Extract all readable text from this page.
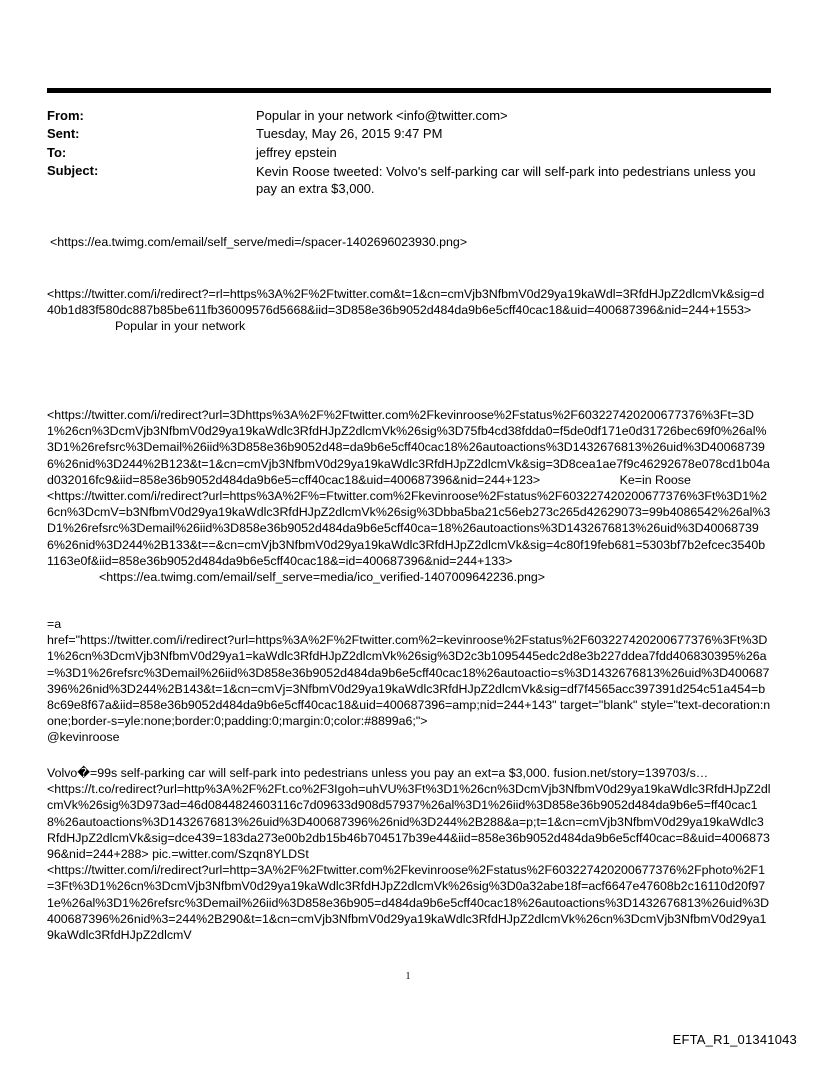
From:	Popular in your network <info@twitter.com>
Sent:	Tuesday, May 26, 2015 9:47 PM
To:	jeffrey epstein
Subject:	Kevin Roose tweeted: Volvo's self-parking car will self-park into pedestrians unless you pay an extra $3,000.
<https://ea.twimg.com/email/self_serve/medi=/spacer-1402696023930.png>
<https://twitter.com/i/redirect?=rl=https%3A%2F%2Ftwitter.com&t=1&cn=cmVjb3NfbmV0d29ya19kaWdl=3RfdHJpZ2dlcmVk&sig=d40b1d83f580dc887b85be611fb36009576d5668&iid=3D858e36b9052d484da9b6e5cff40cac18&uid=400687396&nid=244+1553> Popular in your network
<https://twitter.com/i/redirect?url=3Dhttps%3A%2F%2Ftwitter.com%2Fkevinroose%2Fstatus%2F603227420200677376%3Ft=3D1%26cn%3DcmVjb3NfbmV0d29ya19kaWdlc3RfdHJpZ2dlcmVk%26sig%3D75fb4cd38fdda0=f5de0df171e0d31726bec69f0%26al%3D1%26refsrc%3Demail%26iid%3D858e36b9052d48=da9b6e5cff40cac18%26autoactions%3D1432676813%26uid%3D400687396%26nid%3D244%2B123&t=1&cn=cmVjb3NfbmV0d29ya19kaWdlc3RfdHJpZ2dlcmVk&sig=3D8cea1ae7f9c46292678e078cd1b04ad032016fc9&iid=858e36b9052d484da9b6e5=cff40cac18&uid=400687396&nid=244+123>	Ke=in Roose
<https://twitter.com/i/redirect?url=https%3A%2F%=Ftwitter.com%2Fkevinroose%2Fstatus%2F603227420200677376%3Ft%3D1%26cn%3DcmV=b3NfbmV0d29ya19kaWdlc3RfdHJpZ2dlcmVk%26sig%3Dbba5ba21c56eb273c265d42629073=99b4086542%26al%3D1%26refsrc%3Demail%26iid%3D858e36b9052d484da9b6e5cff40ca=18%26autoactions%3D1432676813%26uid%3D400687396%26nid%3D244%2B133&t==&cn=cmVjb3NfbmV0d29ya19kaWdlc3RfdHJpZ2dlcmVk&sig=4c80f19feb681=5303bf7b2efcec3540b1163e0f&iid=858e36b9052d484da9b6e5cff40cac18&=id=400687396&nid=244+133>
<https://ea.twimg.com/email/self_serve=media/ico_verified-1407009642236.png>
=a
href="https://twitter.com/i/redirect?url=https%3A%2F%2Ftwitter.com%2=kevinroose%2Fstatus%2F603227420200677376%3Ft%3D1%26cn%3DcmVjb3NfbmV0d29ya1=kaWdlc3RfdHJpZ2dlcmVk%26sig%3D2c3b1095445edc2d8e3b227ddea7fdd406830395%26a=%3D1%26refsrc%3Demail%26iid%3D858e36b9052d484da9b6e5cff40cac18%26autoactio=s%3D1432676813%26uid%3D400687396%26nid%3D244%2B143&t=1&cn=cmVj=3NfbmV0d29ya19kaWdlc3RfdHJpZ2dlcmVk&sig=df7f4565acc397391d254c51a454=b8c69e8f67a&iid=858e36b9052d484da9b6e5cff40cac18&uid=400687396=amp;nid=244+143" target="blank" style="text-decoration:none;border-s=yle:none;border:0;padding:0;margin:0;color:#8899a6;">
@kevinroose
Volvo�=99s self-parking car will self-park into pedestrians unless you pay an ext=a $3,000. fusion.net/story=139703/s…
<https://t.co/redirect?url=http%3A%2F%2Ft.co%2F3Igoh=uhVU%3Ft%3D1%26cn%3DcmVjb3NfbmV0d29ya19kaWdlc3RfdHJpZ2dlcmVk%26sig%3D973ad=46d0844824603116c7d09633d908d57937%26al%3D1%26iid%3D858e36b9052d484da9b6e5=ff40cac18%26autoactions%3D1432676813%26uid%3D400687396%26nid%3D244%2B288&a=p;t=1&cn=cmVjb3NfbmV0d29ya19kaWdlc3RfdHJpZ2dlcmVk&sig=dce439=183da273e00b2db15b46b704517b39e44&iid=858e36b9052d484da9b6e5cff40cac=8&uid=400687396&nid=244+288> pic.=witter.com/Szqn8YLDSt
<https://twitter.com/i/redirect?url=http=3A%2F%2Ftwitter.com%2Fkevinroose%2Fstatus%2F603227420200677376%2Fphoto%2F1=3Ft%3D1%26cn%3DcmVjb3NfbmV0d29ya19kaWdlc3RfdHJpZ2dlcmVk%26sig%3D0a32abe18f=acf6647e47608b2c16110d20f971e%26al%3D1%26refsrc%3Demail%26iid%3D858e36b905=d484da9b6e5cff40cac18%26autoactions%3D1432676813%26uid%3D400687396%26nid%3=244%2B290&t=1&cn=cmVjb3NfbmV0d29ya19kaWdlc3RfdHJpZ2dlcmVk%26cn%3DcmVjb3NfbmV0d29ya19kaWdlc3RfdHJpZ2dlcmV
1
EFTA_R1_01341043
